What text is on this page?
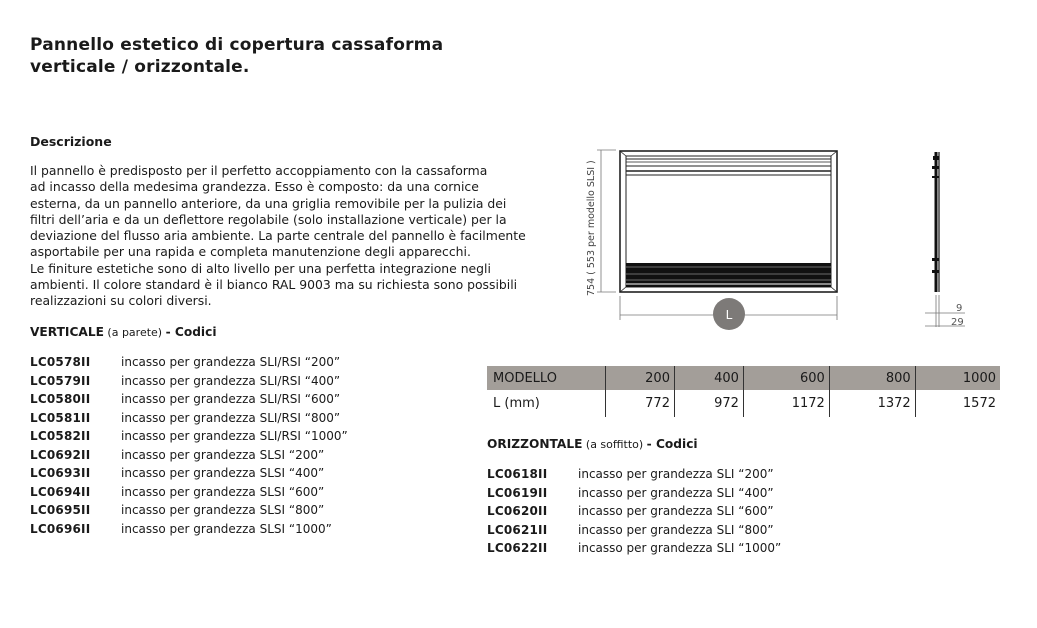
Pannello estetico di copertura cassaforma
verticale / orizzontale.
Descrizione
Il pannello è predisposto per il perfetto accoppiamento con la cassaforma
ad incasso della medesima grandezza. Esso è composto: da una cornice
esterna, da un pannello anteriore, da una griglia removibile per la pulizia dei
filtri dell’aria e da un deflettore regolabile (solo installazione verticale) per la
deviazione del flusso aria ambiente. La parte centrale del pannello è facilmente
asportabile per una rapida e completa manutenzione degli apparecchi.
Le finiture estetiche sono di alto livello per una perfetta integrazione negli
ambienti. Il colore standard è il bianco RAL 9003 ma su richiesta sono possibili
realizzazioni su colori diversi.
VERTICALE (a parete) - Codici
LC0578II	incasso per grandezza SLI/RSI “200”
LC0579II	incasso per grandezza SLI/RSI “400”
LC0580II	incasso per grandezza SLI/RSI “600”
LC0581II	incasso per grandezza SLI/RSI “800”
LC0582II	incasso per grandezza SLI/RSI “1000”
LC0692II	incasso per grandezza SLSI “200”
LC0693II	incasso per grandezza SLSI “400”
LC0694II	incasso per grandezza SLSI “600”
LC0695II	incasso per grandezza SLSI “800”
LC0696II	incasso per grandezza SLSI “1000”
754 ( 553 per modello SLSI )
L	9
29
MODELLO	200	400	600	800	1000
L (mm)	772	972	1172	1372	1572
ORIZZONTALE (a soffitto) - Codici
LC0618II	incasso per grandezza SLI “200”
LC0619II	incasso per grandezza SLI “400”
LC0620II	incasso per grandezza SLI “600”
LC0621II	incasso per grandezza SLI “800”
LC0622II	incasso per grandezza SLI “1000”
